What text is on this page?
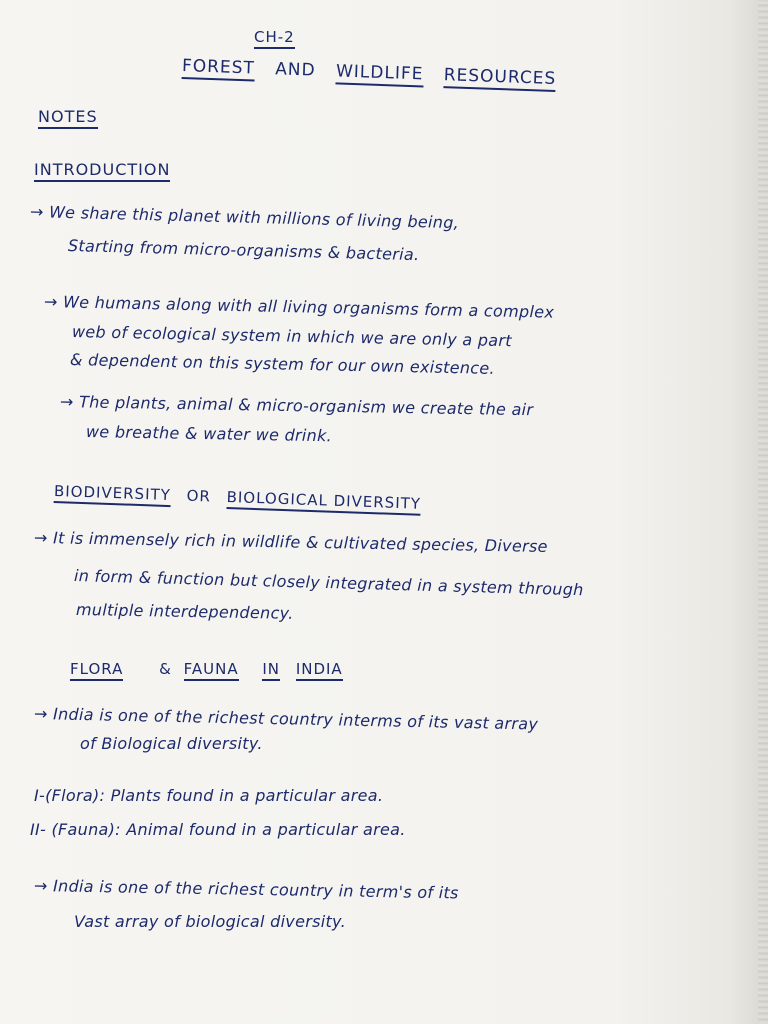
CH-2
FOREST AND WILDLIFE RESOURCES
NOTES
INTRODUCTION
→ We share this planet with millions of living being,
Starting from micro-organisms & bacteria.
→ We humans along with all living organisms form a complex
web of ecological system in which we are only a part
& dependent on this system for our own existence.
→ The plants, animal & micro-organism we create the air
we breathe & water we drink.
BIODIVERSITY OR BIOLOGICAL DIVERSITY
→ It is immensely rich in wildlife & cultivated species, Diverse
in form & function but closely integrated in a system through
multiple interdependency.
FLORA & FAUNA IN INDIA
→ India is one of the richest country interms of its vast array
of Biological diversity.
I-(Flora): Plants found in a particular area.
II- (Fauna): Animal found in a particular area.
→ India is one of the richest country in term's of its
Vast array of biological diversity.
